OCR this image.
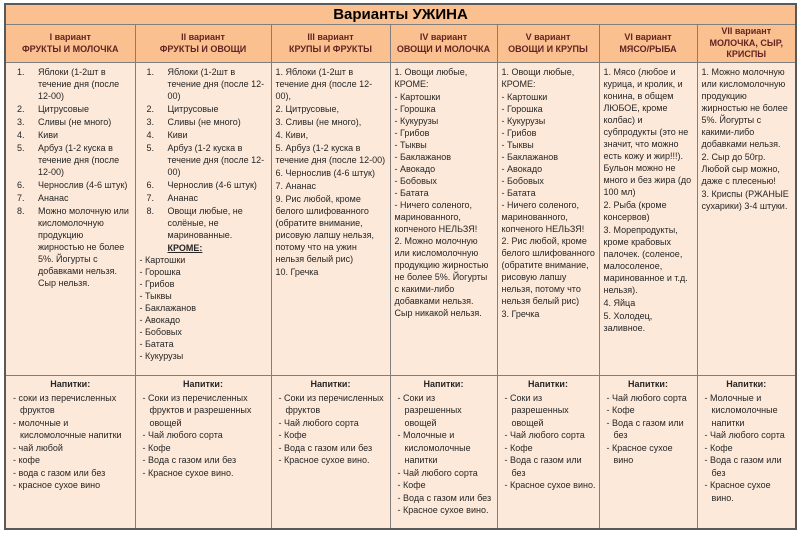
Варианты УЖИНА						

I вариант
ФРУКТЫ И МОЛОЧКА

II вариант
ФРУКТЫ И ОВОЩИ

III вариант
КРУПЫ И ФРУКТЫ

IV вариант
ОВОЩИ И МОЛОЧКА

V вариант
ОВОЩИ И КРУПЫ

VI вариант
МЯСО/РЫБА

VII вариант
МОЛОЧКА, СЫР, КРИСПЫ

1.	Яблоки (1-2шт в течение дня (после 12-00)
2.	Цитрусовые
3.	Сливы (не много)
4.	Киви
5.	Арбуз (1-2 куска в течение дня (после 12-00)
6.	Чернослив (4-6 штук)
7.	Ананас
8.	Можно молочную или кисломолочную продукцию жирностью не более 5%. Йогурты с добавками нельзя. Сыр нельзя.

1.	Яблоки (1-2шт в течение дня (после 12-00)
2.	Цитрусовые
3.	Сливы (не много)
4.	Киви
5.	Арбуз (1-2 куска в течение дня (после 12-00)
6.	Чернослив (4-6 штук)
7.	Ананас
8.	Овощи любые, не солёные, не маринованные.
КРОМЕ:
- Картошки
- Горошка
- Грибов
- Тыквы
- Баклажанов
- Авокадо
- Бобовых
- Батата
- Кукурузы

1. Яблоки (1-2шт в течение дня (после 12-00),
2. Цитрусовые,
3. Сливы (не много),
4. Киви,
5. Арбуз (1-2 куска в течение дня (после 12-00)
6. Чернослив (4-6 штук)
7. Ананас
9. Рис любой, кроме белого шлифованного (обратите внимание, рисовую лапшу нельзя, потому что на ужин нельзя белый рис)
10. Гречка

1. Овощи любые, КРОМЕ:
- Картошки
- Горошка
- Кукурузы
- Грибов
- Тыквы
- Баклажанов
- Авокадо
- Бобовых
- Батата
- Ничего соленого, маринованного, копченого НЕЛЬЗЯ!
2. Можно молочную или кисломолочную продукцию жирностью не более 5%. Йогурты с какими-либо добавками нельзя. Сыр никакой нельзя.

1. Овощи любые, КРОМЕ:
- Картошки
- Горошка
- Кукурузы
- Грибов
- Тыквы
- Баклажанов
- Авокадо
- Бобовых
- Батата
- Ничего соленого, маринованного, копченого НЕЛЬЗЯ!
2. Рис любой, кроме белого шлифованного (обратите внимание, рисовую лапшу нельзя, потому что нельзя белый рис)
3. Гречка

1. Мясо (любое и курица, и кролик, и конина, в общем ЛЮБОЕ, кроме колбас) и субпродукты (это не значит, что можно есть кожу и жир!!!). Бульон можно не много и без жира (до 100 мл)
2. Рыба (кроме консервов)
3. Морепродукты, кроме крабовых палочек. (соленое, малосоленое, маринованное и т.д. нельзя).
4. Яйца
5. Холодец, заливное.

1. Можно молочную или кисломолочную продукцию жирностью не более 5%. Йогурты с какими-либо добавками нельзя.
2. Сыр до 50гр. Любой сыр можно, даже с плесенью!
3. Криспы (РЖАНЫЕ сухарики) 3-4 штуки.

Напитки:
- соки из перечисленных фруктов
- молочные и кисломолочные напитки
- чай любой
- кофе
- вода с газом или без
- красное сухое вино

Напитки:
- Соки из перечисленных фруктов и разрешенных овощей
- Чай любого сорта
- Кофе
- Вода с газом или без
- Красное сухое вино.

Напитки:
- Соки из перечисленных фруктов
- Чай любого сорта
- Кофе
- Вода с газом или без
- Красное сухое вино.

Напитки:
- Соки из разрешенных овощей
- Молочные и кисломолочные напитки
- Чай любого сорта
- Кофе
- Вода с газом или без
- Красное сухое вино.

Напитки:
- Соки из разрешенных овощей
- Чай любого сорта
- Кофе
- Вода с газом или без
- Красное сухое вино.

Напитки:
- Чай любого сорта
- Кофе
- Вода с газом или без
- Красное сухое вино

Напитки:
- Молочные и кисломолочные напитки
- Чай любого сорта
- Кофе
- Вода с газом или без
- Красное сухое вино.
